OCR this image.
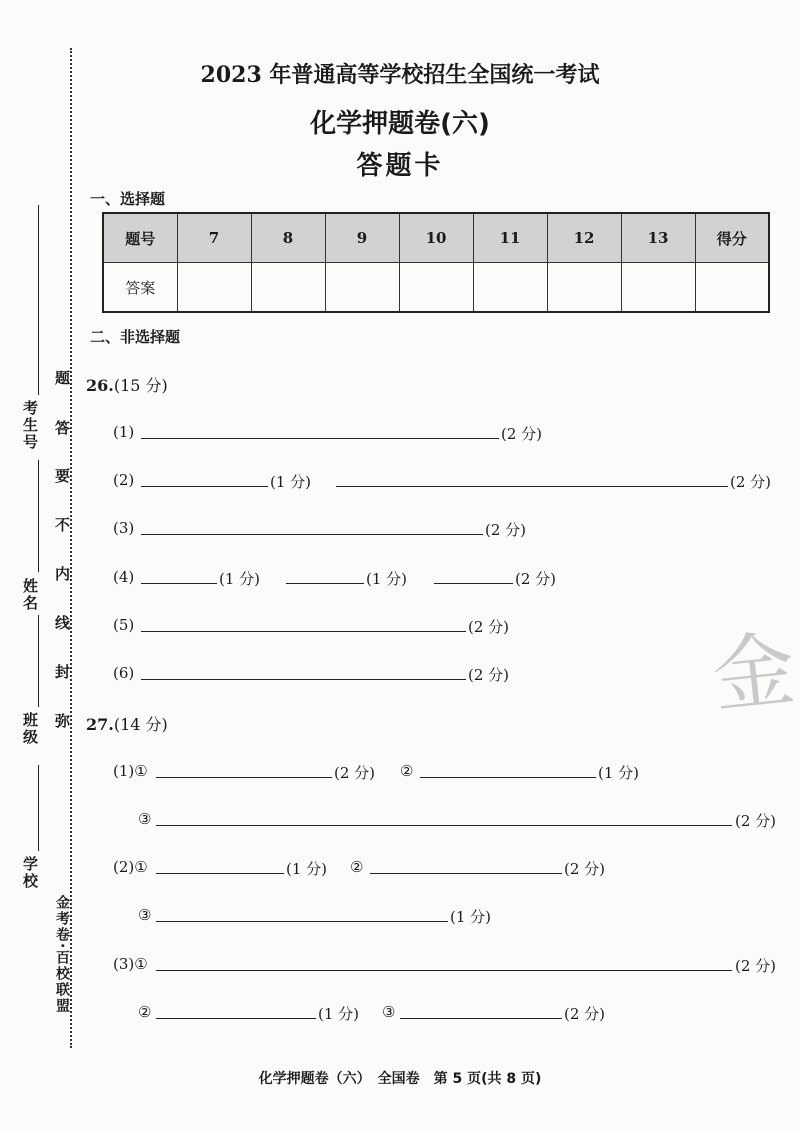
考生号
姓名
班级
学校
金考卷·百校联盟
题
答
要
不
内
线
封
弥
2023 年普通高等学校招生全国统一考试
化学押题卷(六)
答题卡
一、选择题
题号	7	8	9	10	11	12	13	得分
答案								
二、非选择题
26.(15 分)
(1)	(2 分)
(2)	(1 分)	(2 分)
(3)	(2 分)
(4)	(1 分)	(1 分)	(2 分)
(5)	(2 分)
(6)	(2 分) 金
27.(14 分)
(1)①	(2 分) ②	(1 分)
③	(2 分)
(2)①	(1 分) ②	(2 分)
③	(1 分)
(3)①	(2 分)
②	(1 分) ③	(2 分)
化学押题卷（六）　全国卷　第 5 页(共 8 页)
